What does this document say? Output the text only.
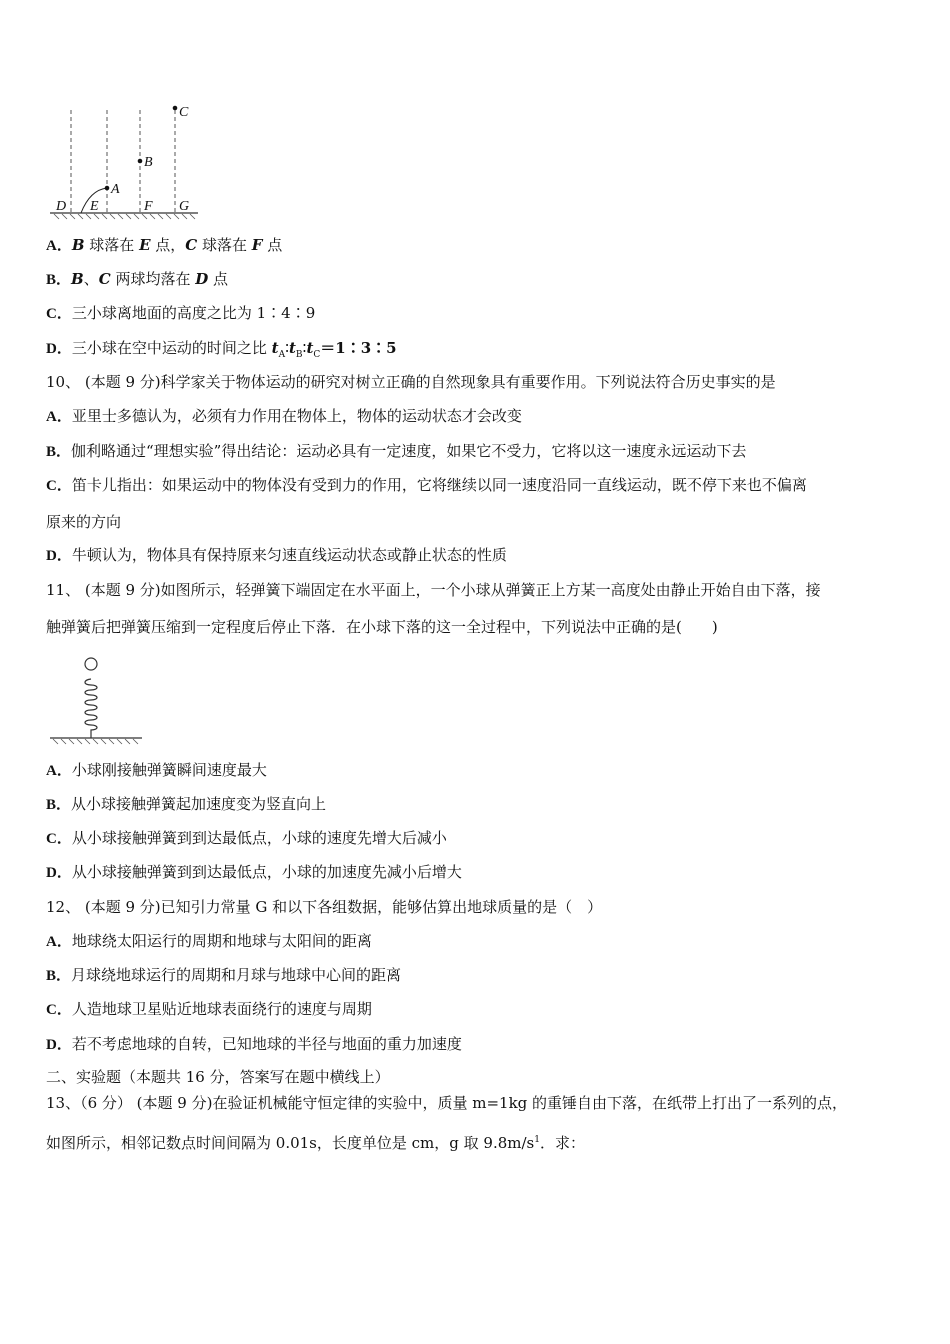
A
B
C
D E	F G
A．B 球落在 E 点，C 球落在 F 点
B．B、C 两球均落在 D 点
C．三小球离地面的高度之比为 1∶4∶9
D．三小球在空中运动的时间之比 $t_A∶t_B∶t_C=1∶3∶5$
10、 (本题 9 分)科学家关于物体运动的研究对树立正确的自然现象具有重要作用。下列说法符合历史事实的是
A．亚里士多德认为，必须有力作用在物体上，物体的运动状态才会改变
B．伽利略通过“理想实验”得出结论：运动必具有一定速度，如果它不受力，它将以这一速度永远运动下去
C．笛卡儿指出：如果运动中的物体没有受到力的作用，它将继续以同一速度沿同一直线运动，既不停下来也不偏离
原来的方向
D．牛顿认为，物体具有保持原来匀速直线运动状态或静止状态的性质
11、 (本题 9 分)如图所示，轻弹簧下端固定在水平面上，一个小球从弹簧正上方某一高度处由静止开始自由下落，接
触弹簧后把弹簧压缩到一定程度后停止下落．在小球下落的这一全过程中，下列说法中正确的是(　　)
A．小球刚接触弹簧瞬间速度最大
B．从小球接触弹簧起加速度变为竖直向上
C．从小球接触弹簧到到达最低点，小球的速度先增大后减小
D．从小球接触弹簧到到达最低点，小球的加速度先减小后增大
12、 (本题 9 分)已知引力常量 G 和以下各组数据，能够估算出地球质量的是（　）
A．地球绕太阳运行的周期和地球与太阳间的距离
B．月球绕地球运行的周期和月球与地球中心间的距离
C．人造地球卫星贴近地球表面绕行的速度与周期
D．若不考虑地球的自转，已知地球的半径与地面的重力加速度
二、实验题（本题共 16 分，答案写在题中横线上）
13、（6 分） (本题 9 分)在验证机械能守恒定律的实验中，质量 m=1kg 的重锤自由下落，在纸带上打出了一系列的点，
如图所示，相邻记数点时间间隔为 0.01s，长度单位是 cm，g 取 $9.8m/s^1$．求：
